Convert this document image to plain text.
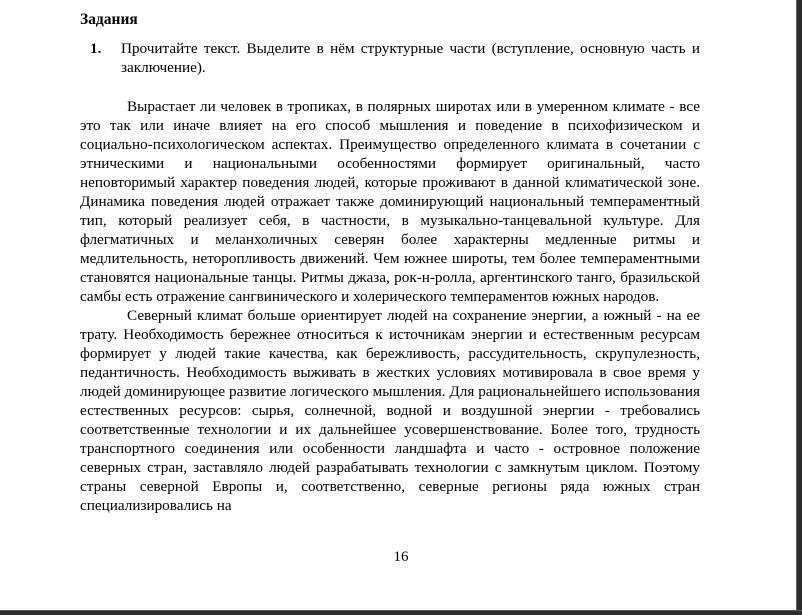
Задания
1.	Прочитайте текст. Выделите в нём структурные части (вступление, основную часть и заключение).

Вырастает ли человек в тропиках, в полярных широтах или в умеренном климате - все это так или иначе влияет на его способ мышления и поведение в психофизическом и социально-психологическом аспектах. Преимущество определенного климата в сочетании с этническими и национальными особенностями формирует оригинальный, часто неповторимый характер поведения людей, которые проживают в данной климатической зоне. Динамика поведения людей отражает также доминирующий национальный темпераментный тип, который реализует себя, в частности, в музыкально-танцевальной культуре. Для флегматичных и меланхоличных северян более характерны медленные ритмы и медлительность, неторопливость движений. Чем южнее широты, тем более темпераментными становятся национальные танцы. Ритмы джаза, рок-н-ролла, аргентинского танго, бразильской самбы есть отражение сангвинического и холерического темпераментов южных народов.

Северный климат больше ориентирует людей на сохранение энергии, а южный - на ее трату. Необходимость бережнее относиться к источникам энергии и естественным ресурсам формирует у людей такие качества, как бережливость, рассудительность, скрупулезность, педантичность. Необходимость выживать в жестких условиях мотивировала в свое время у людей доминирующее развитие логического мышления. Для рациональнейшего использования естественных ресурсов: сырья, солнечной, водной и воздушной энергии - требовались соответственные технологии и их дальнейшее усовершенствование. Более того, трудность транспортного соединения или особенности ландшафта и часто - островное положение северных стран, заставляло людей разрабатывать технологии с замкнутым циклом. Поэтому страны северной Европы и, соответственно, северные регионы ряда южных стран специализировались на

16
